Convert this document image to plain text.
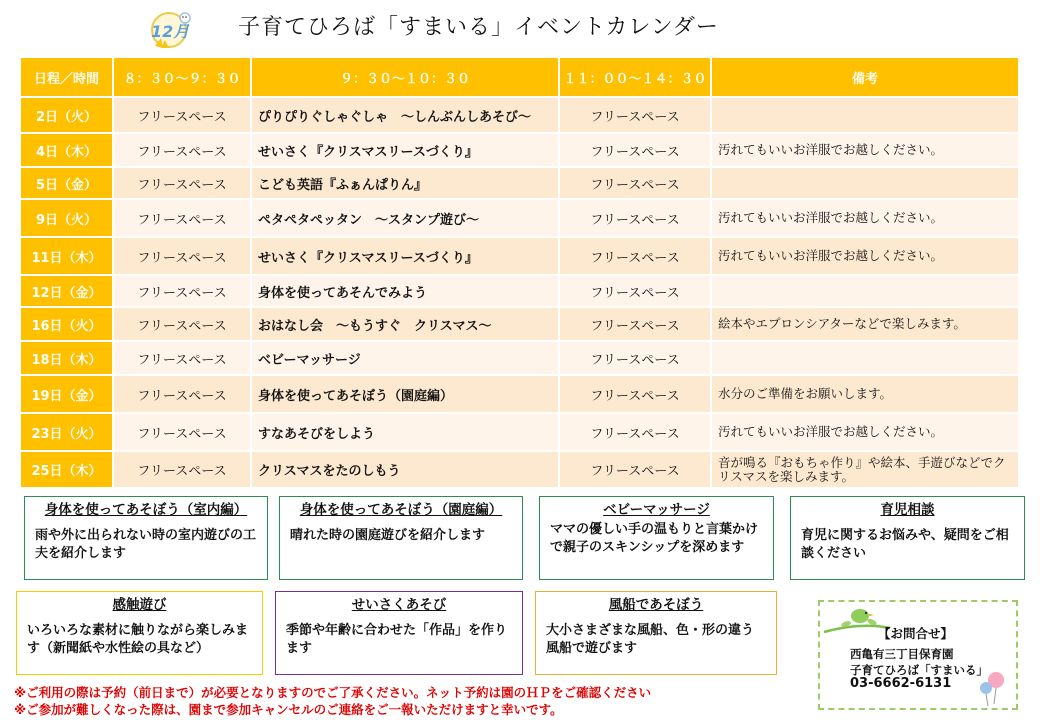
12月 子育てひろば「すまいる」イベントカレンダー
日程／時間	８：３０〜９：３０	９：３０〜１０：３０	１１：００〜１４：３０	備考
2日（火）	フリースペース	ぴりぴりぐしゃぐしゃ　〜しんぶんしあそび〜	フリースペース	
4日（木）	フリースペース	せいさく『クリスマスリースづくり』	フリースペース	汚れてもいいお洋服でお越しください。
5日（金）	フリースペース	こども英語『ふぁんぱりん』	フリースペース	
9日（火）	フリースペース	ペタペタペッタン　〜スタンプ遊び〜	フリースペース	汚れてもいいお洋服でお越しください。
11日（木）	フリースペース	せいさく『クリスマスリースづくり』	フリースペース	汚れてもいいお洋服でお越しください。
12日（金）	フリースペース	身体を使ってあそんでみよう	フリースペース	
16日（火）	フリースペース	おはなし会　〜もうすぐ　クリスマス〜	フリースペース	絵本やエプロンシアターなどで楽しみます。
18日（木）	フリースペース	ベビーマッサージ	フリースペース	
19日（金）	フリースペース	身体を使ってあそぼう（園庭編）	フリースペース	水分のご準備をお願いします。
23日（火）	フリースペース	すなあそびをしよう	フリースペース	汚れてもいいお洋服でお越しください。
25日（木）	フリースペース	クリスマスをたのしもう	フリースペース	音が鳴る『おもちゃ作り』や絵本、手遊びなどでクリスマスを楽しみます。
身体を使ってあそぼう（室内編）
雨や外に出られない時の室内遊びの工夫を紹介します
身体を使ってあそぼう（園庭編）
晴れた時の園庭遊びを紹介します
ベビーマッサージ
ママの優しい手の温もりと言葉かけで親子のスキンシップを深めます
育児相談
育児に関するお悩みや、疑問をご相談ください
感触遊び
いろいろな素材に触りながら楽しみます（新聞紙や水性絵の具など）
せいさくあそび
季節や年齢に合わせた「作品」を作ります
風船であそぼう
大小さまざまな風船、色・形の違う風船で遊びます
【お問合せ】
西亀有三丁目保育園
子育てひろば「すまいる」
03-6662-6131
※ご利用の際は予約（前日まで）が必要となりますのでご了承ください。ネット予約は園のＨＰをご確認ください
※ご参加が難しくなった際は、園まで参加キャンセルのご連絡をご一報いただけますと幸いです。
